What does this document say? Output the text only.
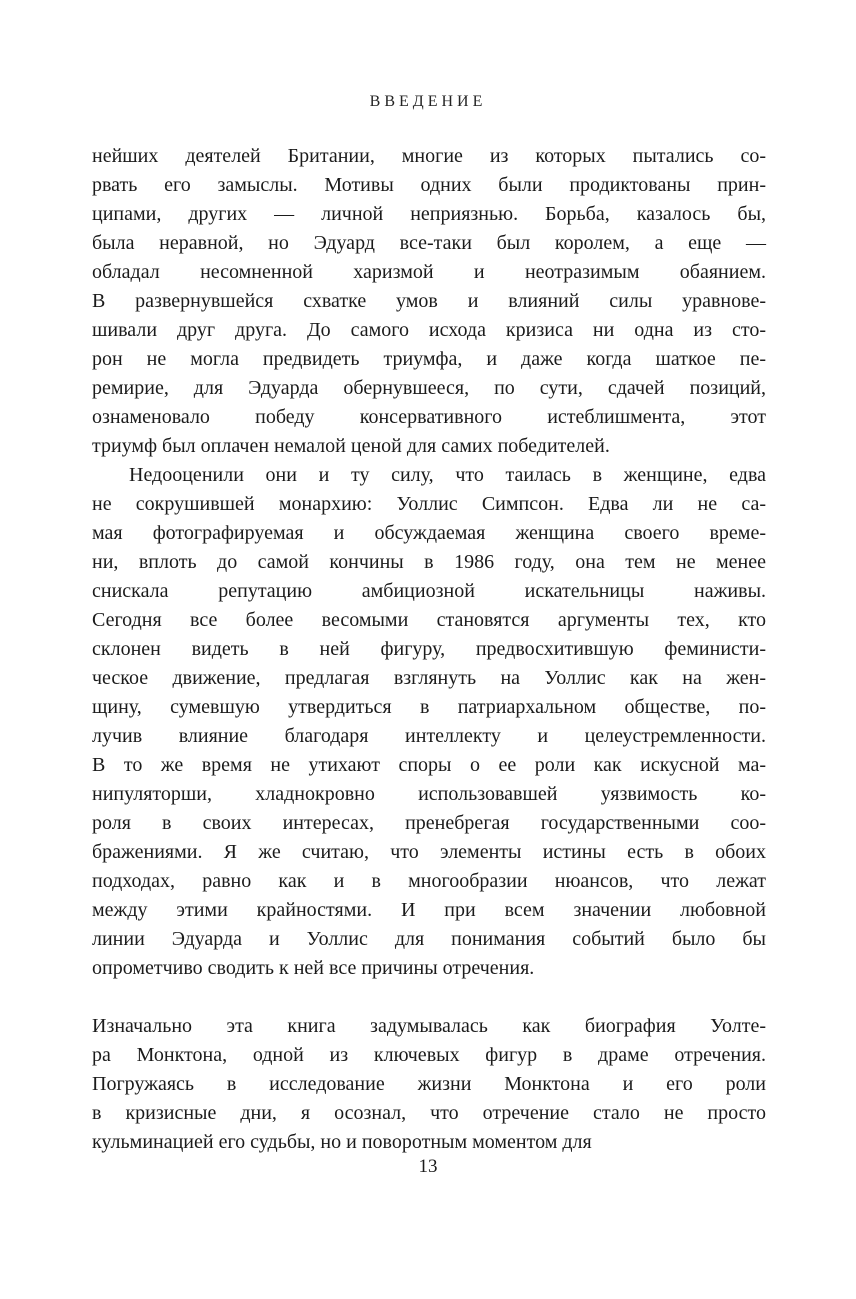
ВВЕДЕНИЕ
нейших деятелей Британии, многие из которых пытались со-
рвать его замыслы. Мотивы одних были продиктованы прин-
ципами, других — личной неприязнью. Борьба, казалось бы,
была неравной, но Эдуард все-таки был королем, а еще —
обладал несомненной харизмой и неотразимым обаянием.
В развернувшейся схватке умов и влияний силы уравнове-
шивали друг друга. До самого исхода кризиса ни одна из сто-
рон не могла предвидеть триумфа, и даже когда шаткое пе-
ремирие, для Эдуарда обернувшееся, по сути, сдачей позиций,
ознаменовало победу консервативного истеблишмента, этот
триумф был оплачен немалой ценой для самих победителей.
Недооценили они и ту силу, что таилась в женщине, едва
не сокрушившей монархию: Уоллис Симпсон. Едва ли не са-
мая фотографируемая и обсуждаемая женщина своего време-
ни, вплоть до самой кончины в 1986 году, она тем не менее
снискала репутацию амбициозной искательницы наживы.
Сегодня все более весомыми становятся аргументы тех, кто
склонен видеть в ней фигуру, предвосхитившую феминисти-
ческое движение, предлагая взглянуть на Уоллис как на жен-
щину, сумевшую утвердиться в патриархальном обществе, по-
лучив влияние благодаря интеллекту и целеустремленности.
В то же время не утихают споры о ее роли как искусной ма-
нипуляторши, хладнокровно использовавшей уязвимость ко-
роля в своих интересах, пренебрегая государственными соо-
бражениями. Я же считаю, что элементы истины есть в обоих
подходах, равно как и в многообразии нюансов, что лежат
между этими крайностями. И при всем значении любовной
линии Эдуарда и Уоллис для понимания событий было бы
опрометчиво сводить к ней все причины отречения.
Изначально эта книга задумывалась как биография Уолте-
ра Монктона, одной из ключевых фигур в драме отречения.
Погружаясь в исследование жизни Монктона и его роли
в кризисные дни, я осознал, что отречение стало не просто
кульминацией его судьбы, но и поворотным моментом для
13
